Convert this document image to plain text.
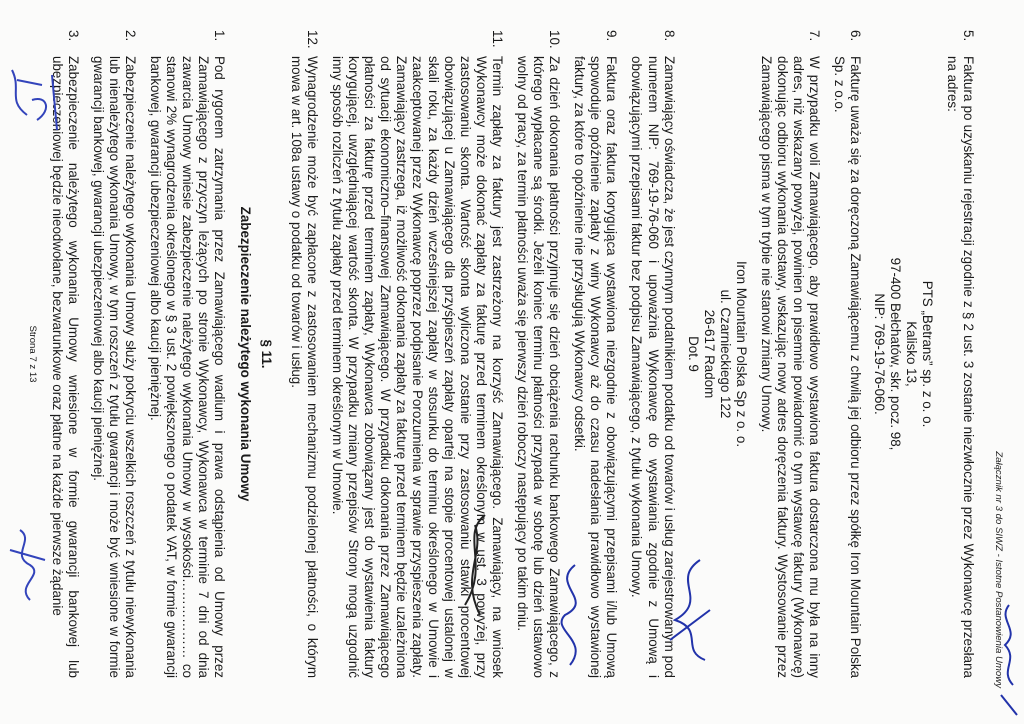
Załącznik nr 3 do SIWZ - Istotne Postanowienia Umowy
5.
Faktura po uzyskaniu rejestracji zgodnie z § 2 ust. 3 zostanie niezwłocznie przez Wykonawcę przesłana na adres:
PTS „Betrans” sp. z o. o.
Kalisko 13,
97-400 Bełchatów, skr. pocz. 98,
NIP: 769-19-76-060.
6.
Fakturę uważa się za doręczoną Zamawiającemu z chwilą jej odbioru przez spółkę Iron Mountain Polska Sp. z o.o.
7.
W przypadku woli Zamawiającego, aby prawidłowo wystawiona faktura dostarczona mu była na inny adres, niż wskazany powyżej, powinien on pisemnie powiadomić o tym wystawcę faktury (Wykonawcę) dokonując odbioru wykonania dostawy, wskazując nowy adres doręczenia faktury. Wystosowanie przez Zamawiającego pisma w tym trybie nie stanowi zmiany Umowy.
Iron Mountain Polska Sp z o. o.
ul. Czarnieckiego 122
26-617 Radom
Dot. 9
8.
Zamawiający oświadcza, że jest czynnym podatnikiem podatku od towarów i usług zarejestrowanym pod numerem NIP: 769-19-76-060 i upoważnia Wykonawcę do wystawiania zgodnie z Umową i obowiązującymi przepisami faktur bez podpisu Zamawiającego, z tytułu wykonania Umowy.
9.
Faktura oraz faktura korygująca wystawiona niezgodnie z obowiązującymi przepisami i/lub Umową spowoduje opóźnienie zapłaty z winy Wykonawcy aż do czasu nadesłania prawidłowo wystawionej faktury, za które to opóźnienie nie przysługują Wykonawcy odsetki.
10.
Za dzień dokonania płatności przyjmuje się dzień obciążenia rachunku bankowego Zamawiającego, z którego wypłacane są środki. Jeżeli koniec terminu płatności przypada w sobotę lub dzień ustawowo wolny od pracy, za termin płatności uważa się pierwszy dzień roboczy następujący po takim dniu.
11.
Termin zapłaty za faktury jest zastrzeżony na korzyść Zamawiającego. Zamawiający, na wniosek Wykonawcy może dokonać zapłaty za fakturę przed terminem określonym w ust. 3 powyżej, przy zastosowaniu skonta. Wartość skonta wyliczona zostanie przy zastosowaniu stawki procentowej obowiązującej u Zamawiającego dla przyśpieszeń zapłaty opartej na stopie procentowej ustalonej w skali roku, za każdy dzień wcześniejszej zapłaty w stosunku do terminu określonego w Umowie i zaakceptowanej przez Wykonawcę poprzez podpisanie Porozumienia w sprawie przyspieszenia zapłaty. Zamawiający zastrzega, iż możliwość dokonania zapłaty za fakturę przed terminem będzie uzależniona od sytuacji ekonomiczno–finansowej Zamawiającego. W przypadku dokonania przez Zamawiającego płatności za fakturę przed terminem zapłaty, Wykonawca zobowiązany jest do wystawienia faktury korygującej, uwzględniającej wartość skonta. W przypadku zmiany przepisów Strony mogą uzgodnić inny sposób rozliczeń z tytułu zapłaty przed terminem określonym w Umowie.
12.
Wynagrodzenie może być zapłacone z zastosowaniem mechanizmu podzielonej płatności, o którym mowa w art. 108a ustawy o podatku od towarów i usług.
§ 11.
Zabezpieczenie należytego wykonania Umowy
1.
Pod rygorem zatrzymania przez Zamawiającego wadium i prawa odstąpienia od Umowy przez Zamawiającego z przyczyn leżących po stronie Wykonawcy, Wykonawca w terminie 7 dni od dnia zawarcia Umowy wniesie zabezpieczenie należytego wykonania Umowy w wysokości……………… co stanowi 2% wynagrodzenia określonego w § 3 ust. 2 powiększonego o podatek VAT, w formie gwarancji bankowej, gwarancji ubezpieczeniowej albo kaucji pieniężnej.
2.
Zabezpieczenie należytego wykonania Umowy służy pokryciu wszelkich roszczeń z tytułu niewykonania lub nienależytego wykonania Umowy, w tym roszczeń z tytułu gwarancji i może być wniesione w formie gwarancji bankowej, gwarancji ubezpieczeniowej albo kaucji pieniężnej.
3.
Zabezpieczenie należytego wykonania Umowy wniesione w formie gwarancji bankowej lub ubezpieczeniowej będzie nieodwołane, bezwarunkowe oraz płatne na każde pierwsze żądanie
Strona 7 z 13
